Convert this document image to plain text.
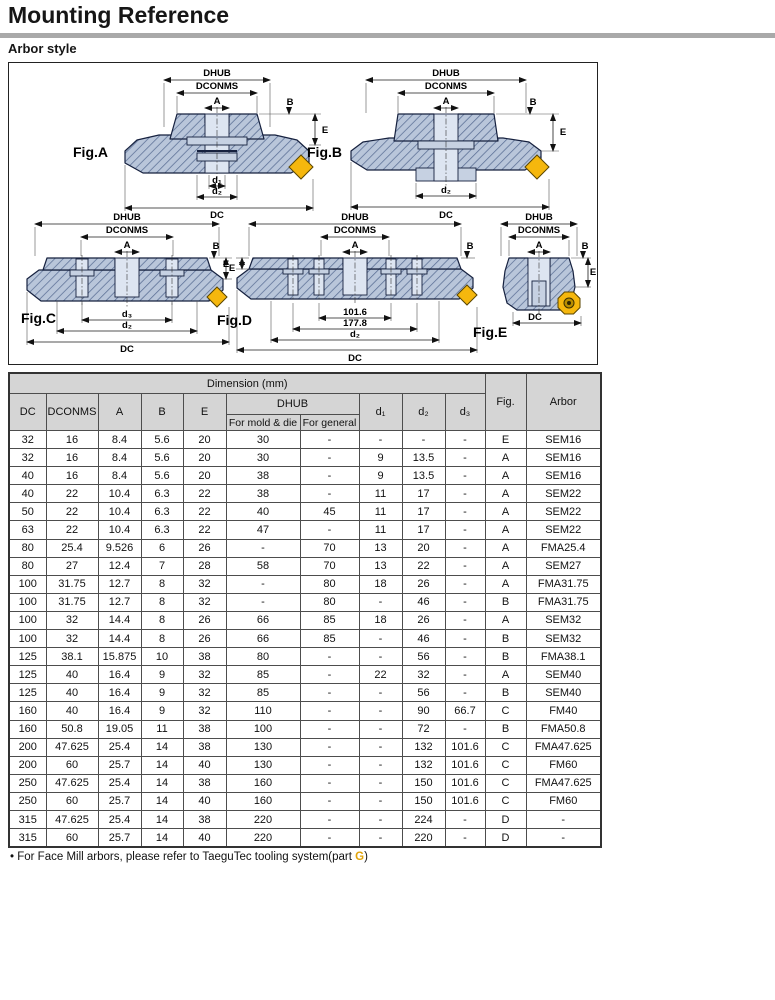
Mounting Reference
Arbor style
DHUB
DCONMS
A	B
E
d₁
d₂
DC
Fig.A
DHUB
DCONMS
A	B
E
d₂
DC
Fig.B
DHUB
DCONMS
A	B
E
d₃
d₂
DC
Fig.C
DHUB
DCONMS
A	B
E
101.6
177.8
d₂
DC
Fig.D
DHUB
DCONMS
A	B
E
DC
Fig.E
Dimension (mm)										Fig.	Arbor
DC	DCONMS	A	B	E	DHUB		d₁	d₂	d₃		
					For mold & die	For general					
32	16	8.4	5.6	20	30	-	-	-	-	E	SEM16
32	16	8.4	5.6	20	30	-	9	13.5	-	A	SEM16
40	16	8.4	5.6	20	38	-	9	13.5	-	A	SEM16
40	22	10.4	6.3	22	38	-	11	17	-	A	SEM22
50	22	10.4	6.3	22	40	45	11	17	-	A	SEM22
63	22	10.4	6.3	22	47	-	11	17	-	A	SEM22
80	25.4	9.526	6	26	-	70	13	20	-	A	FMA25.4
80	27	12.4	7	28	58	70	13	22	-	A	SEM27
100	31.75	12.7	8	32	-	80	18	26	-	A	FMA31.75
100	31.75	12.7	8	32	-	80	-	46	-	B	FMA31.75
100	32	14.4	8	26	66	85	18	26	-	A	SEM32
100	32	14.4	8	26	66	85	-	46	-	B	SEM32
125	38.1	15.875	10	38	80	-	-	56	-	B	FMA38.1
125	40	16.4	9	32	85	-	22	32	-	A	SEM40
125	40	16.4	9	32	85	-	-	56	-	B	SEM40
160	40	16.4	9	32	110	-	-	90	66.7	C	FM40
160	50.8	19.05	11	38	100	-	-	72	-	B	FMA50.8
200	47.625	25.4	14	38	130	-	-	132	101.6	C	FMA47.625
200	60	25.7	14	40	130	-	-	132	101.6	C	FM60
250	47.625	25.4	14	38	160	-	-	150	101.6	C	FMA47.625
250	60	25.7	14	40	160	-	-	150	101.6	C	FM60
315	47.625	25.4	14	38	220	-	-	224	-	D	-
315	60	25.7	14	40	220	-	-	220	-	D	-
• For Face Mill arbors, please refer to TaeguTec tooling system(part G)
